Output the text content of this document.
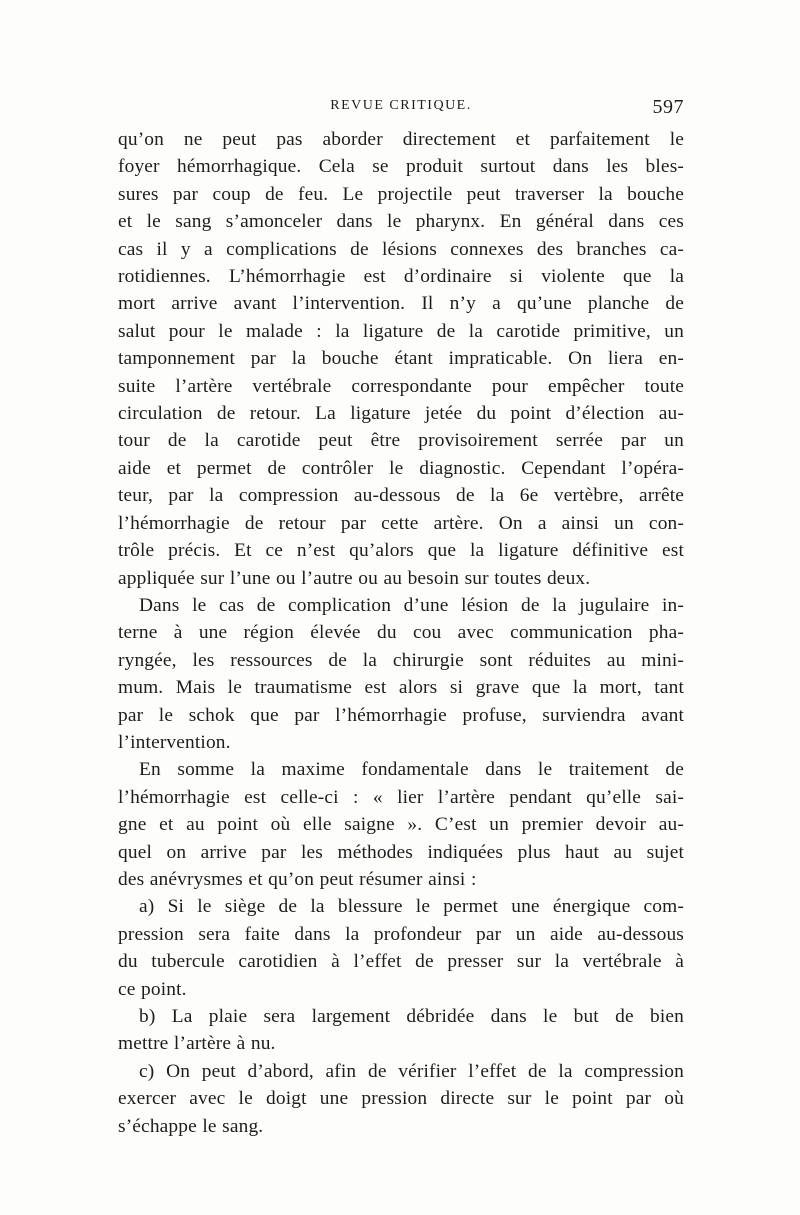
REVUE CRITIQUE.	597

qu’on ne peut pas aborder directement et parfaitement le
foyer hémorrhagique. Cela se produit surtout dans les bles-
sures par coup de feu. Le projectile peut traverser la bouche
et le sang s’amonceler dans le pharynx. En général dans ces
cas il y a complications de lésions connexes des branches ca-
rotidiennes. L’hémorrhagie est d’ordinaire si violente que la
mort arrive avant l’intervention. Il n’y a qu’une planche de
salut pour le malade : la ligature de la carotide primitive, un
tamponnement par la bouche étant impraticable. On liera en-
suite l’artère vertébrale correspondante pour empêcher toute
circulation de retour. La ligature jetée du point d’élection au-
tour de la carotide peut être provisoirement serrée par un
aide et permet de contrôler le diagnostic. Cependant l’opéra-
teur, par la compression au-dessous de la 6e vertèbre, arrête
l’hémorrhagie de retour par cette artère. On a ainsi un con-
trôle précis. Et ce n’est qu’alors que la ligature définitive est
appliquée sur l’une ou l’autre ou au besoin sur toutes deux.

Dans le cas de complication d’une lésion de la jugulaire in-
terne à une région élevée du cou avec communication pha-
ryngée, les ressources de la chirurgie sont réduites au mini-
mum. Mais le traumatisme est alors si grave que la mort, tant
par le schok que par l’hémorrhagie profuse, surviendra avant
l’intervention.

En somme la maxime fondamentale dans le traitement de
l’hémorrhagie est celle-ci : « lier l’artère pendant qu’elle sai-
gne et au point où elle saigne ». C’est un premier devoir au-
quel on arrive par les méthodes indiquées plus haut au sujet
des anévrysmes et qu’on peut résumer ainsi :

a) Si le siège de la blessure le permet une énergique com-
pression sera faite dans la profondeur par un aide au-dessous
du tubercule carotidien à l’effet de presser sur la vertébrale à
ce point.

b) La plaie sera largement débridée dans le but de bien
mettre l’artère à nu.

c) On peut d’abord, afin de vérifier l’effet de la compression
exercer avec le doigt une pression directe sur le point par où
s’échappe le sang.
